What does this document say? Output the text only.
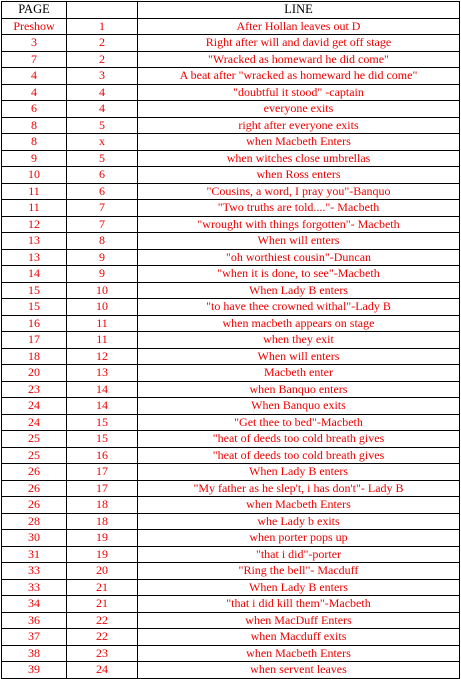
PAGE		LINE
Preshow	1	After Hollan leaves out D
3	2	Right after will and david get off stage
7	2	"Wracked as homeward he did come"
4	3	A beat after "wracked as homeward he did come"
4	4	"doubtful it stood" -captain
6	4	everyone exits
8	5	right after everyone exits
8	x	when Macbeth Enters
9	5	when witches close umbrellas
10	6	when Ross enters
11	6	"Cousins, a word, I pray you"-Banquo
11	7	"Two truths are told...."- Macbeth
12	7	"wrought with things forgotten"- Macbeth
13	8	When will enters
13	9	"oh worthiest cousin"-Duncan
14	9	"when it is done, to see"-Macbeth
15	10	When Lady B enters
15	10	"to have thee crowned withal"-Lady B
16	11	when macbeth appears on stage
17	11	when they exit
18	12	When will enters
20	13	Macbeth enter
23	14	when Banquo enters
24	14	When Banquo exits
24	15	"Get thee to bed"-Macbeth
25	15	"heat of deeds too cold breath gives
25	16	"heat of deeds too cold breath gives
26	17	When Lady B enters
26	17	"My father as he slep't, i has don't"- Lady B
26	18	when Macbeth Enters
28	18	whe Lady b exits
30	19	when porter pops up
31	19	"that i did"-porter
33	20	"Ring the bell"- Macduff
33	21	When Lady B enters
34	21	"that i did kill them"-Macbeth
36	22	when MacDuff Enters
37	22	when Macduff exits
38	23	when Macbeth Enters
39	24	when servent leaves
